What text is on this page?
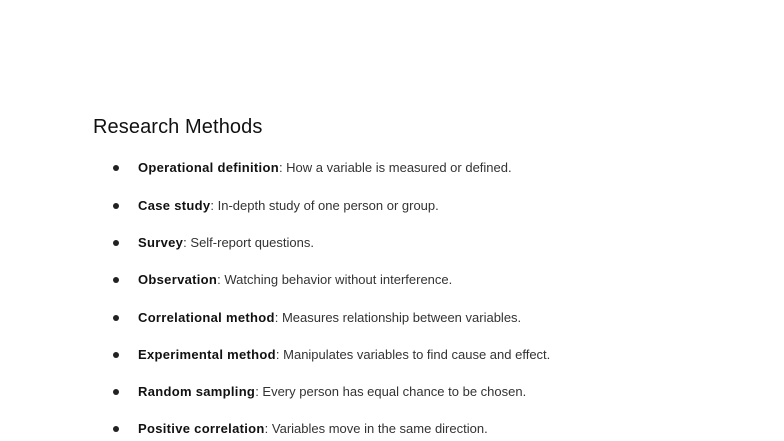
Research Methods
Operational definition: How a variable is measured or defined.
Case study: In-depth study of one person or group.
Survey: Self-report questions.
Observation: Watching behavior without interference.
Correlational method: Measures relationship between variables.
Experimental method: Manipulates variables to find cause and effect.
Random sampling: Every person has equal chance to be chosen.
Positive correlation: Variables move in the same direction.
